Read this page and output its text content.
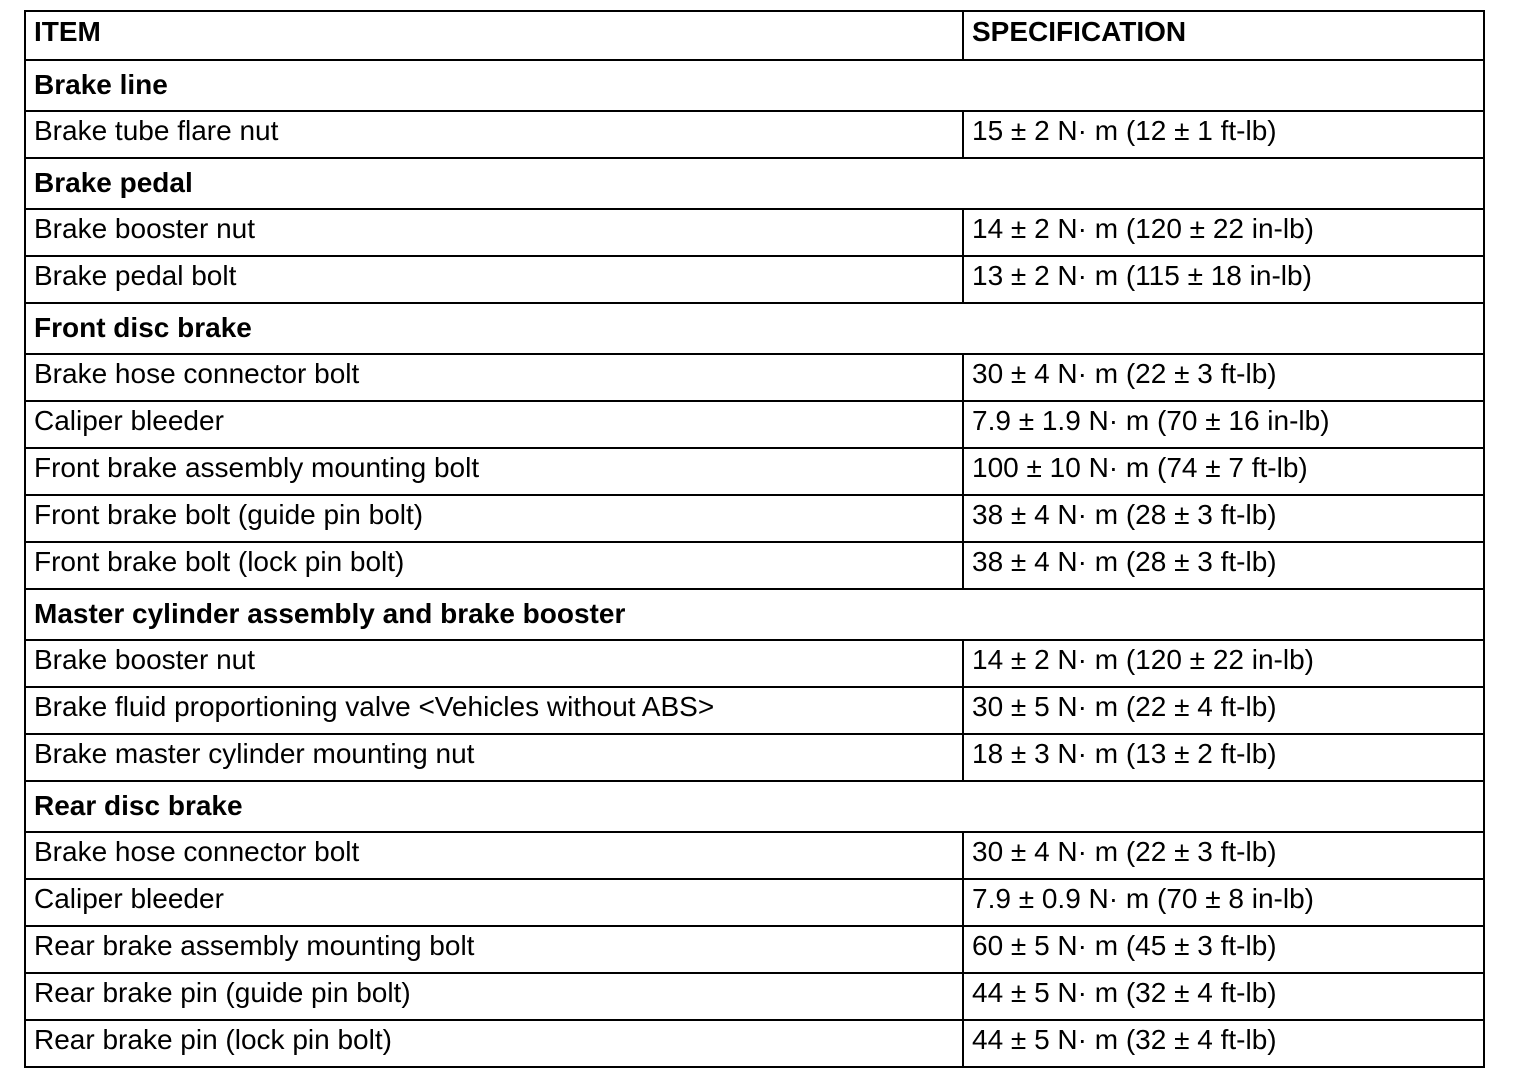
ITEM	SPECIFICATION
Brake line	
Brake tube flare nut	15 ± 2 N· m (12 ± 1 ft-lb)
Brake pedal	
Brake booster nut	14 ± 2 N· m (120 ± 22 in-lb)
Brake pedal bolt	13 ± 2 N· m (115 ± 18 in-lb)
Front disc brake	
Brake hose connector bolt	30 ± 4 N· m (22 ± 3 ft-lb)
Caliper bleeder	7.9 ± 1.9 N· m (70 ± 16 in-lb)
Front brake assembly mounting bolt	100 ± 10 N· m (74 ± 7 ft-lb)
Front brake bolt (guide pin bolt)	38 ± 4 N· m (28 ± 3 ft-lb)
Front brake bolt (lock pin bolt)	38 ± 4 N· m (28 ± 3 ft-lb)
Master cylinder assembly and brake booster	
Brake booster nut	14 ± 2 N· m (120 ± 22 in-lb)
Brake fluid proportioning valve <Vehicles without ABS>	30 ± 5 N· m (22 ± 4 ft-lb)
Brake master cylinder mounting nut	18 ± 3 N· m (13 ± 2 ft-lb)
Rear disc brake	
Brake hose connector bolt	30 ± 4 N· m (22 ± 3 ft-lb)
Caliper bleeder	7.9 ± 0.9 N· m (70 ± 8 in-lb)
Rear brake assembly mounting bolt	60 ± 5 N· m (45 ± 3 ft-lb)
Rear brake pin (guide pin bolt)	44 ± 5 N· m (32 ± 4 ft-lb)
Rear brake pin (lock pin bolt)	44 ± 5 N· m (32 ± 4 ft-lb)
